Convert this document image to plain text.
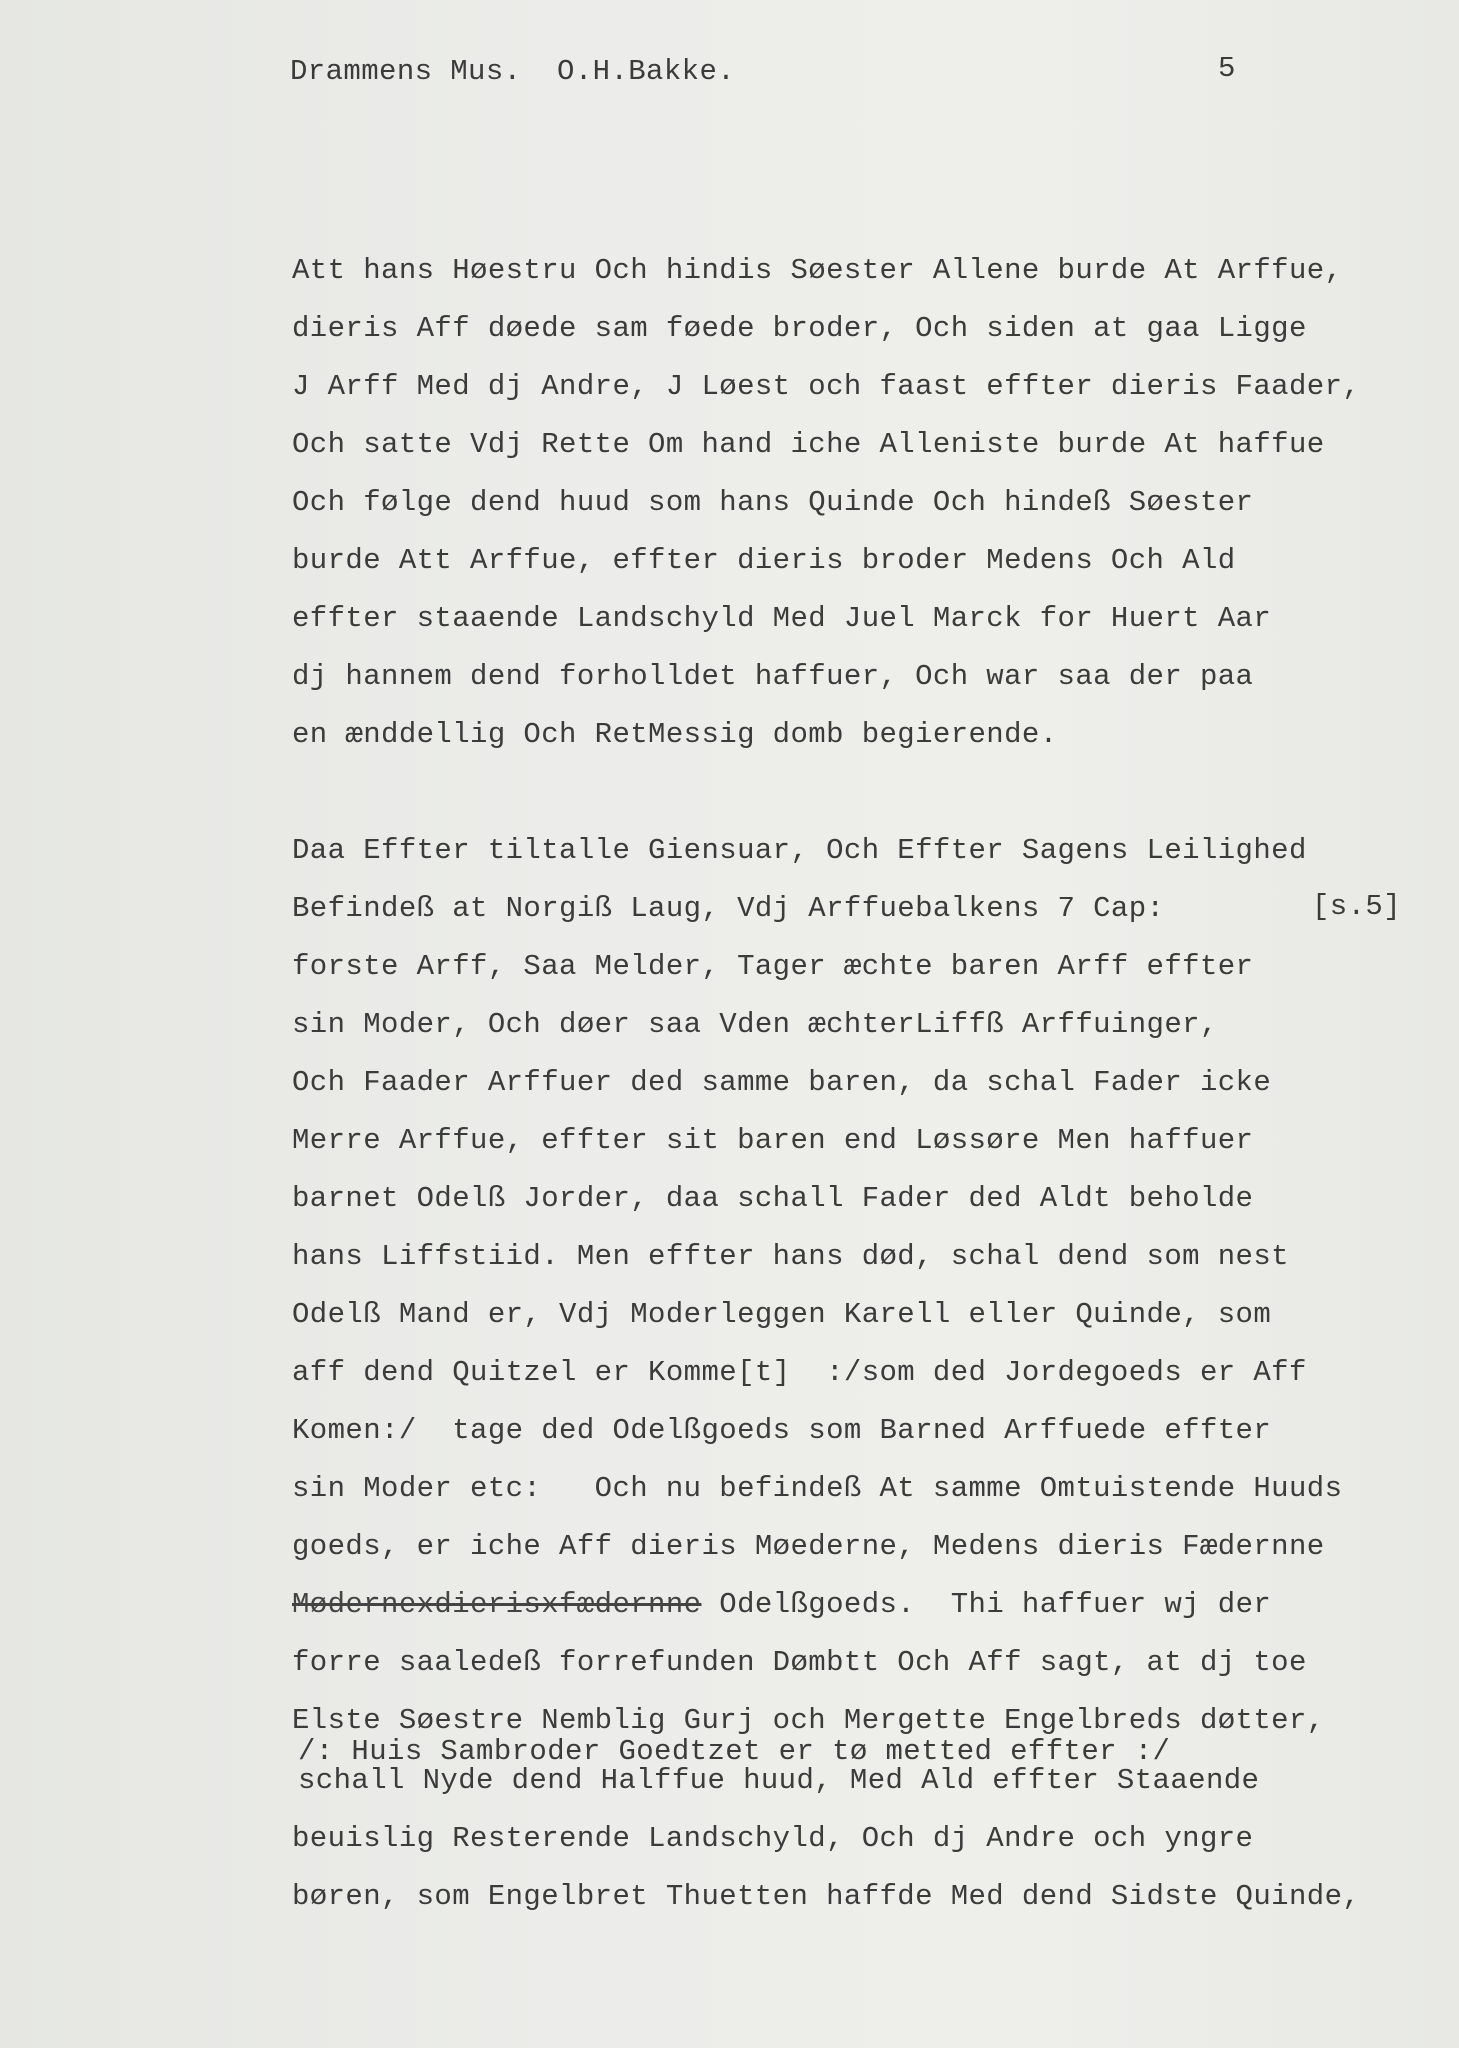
Drammens Mus.  O.H.Bakke.	5
[s.5]
Att hans Høestru Och hindis Søester Allene burde At Arffue,
dieris Aff døede sam føede broder, Och siden at gaa Ligge
J Arff Med dj Andre, J Løest och faast effter dieris Faader,
Och satte Vdj Rette Om hand iche Alleniste burde At haffue
Och følge dend huud som hans Quinde Och hindeß Søester
burde Att Arffue, effter dieris broder Medens Och Ald
effter staaende Landschyld Med Juel Marck for Huert Aar
dj hannem dend forholldet haffuer, Och war saa der paa
en ænddellig Och RetMessig domb begierende.
Daa Effter tiltalle Giensuar, Och Effter Sagens Leilighed
Befindeß at Norgiß Laug, Vdj Arffuebalkens 7 Cap:
forste Arff, Saa Melder, Tager æchte baren Arff effter
sin Moder, Och døer saa Vden æchterLiffß Arffuinger,
Och Faader Arffuer ded samme baren, da schal Fader icke
Merre Arffue, effter sit baren end Løssøre Men haffuer
barnet Odelß Jorder, daa schall Fader ded Aldt beholde
hans Liffstiid. Men effter hans død, schal dend som nest
Odelß Mand er, Vdj Moderleggen Karell eller Quinde, som
aff dend Quitzel er Komme[t]  :/som ded Jordegoeds er Aff
Komen:/  tage ded Odelßgoeds som Barned Arffuede effter
sin Moder etc:   Och nu befindeß At samme Omtuistende Huuds
goeds, er iche Aff dieris Møederne, Medens dieris Fædernne
Mødernexdierisxfædernne Odelßgoeds.  Thi haffuer wj der
forre saaledeß forrefunden Dømbtt Och Aff sagt, at dj toe
Elste Søestre Nemblig Gurj och Mergette Engelbreds døtter,
/: Huis Sambroder Goedtzet er tø metted effter :/
schall Nyde dend Halffue huud, Med Ald effter Staaende
beuislig Resterende Landschyld, Och dj Andre och yngre
børen, som Engelbret Thuetten haffde Med dend Sidste Quinde,
